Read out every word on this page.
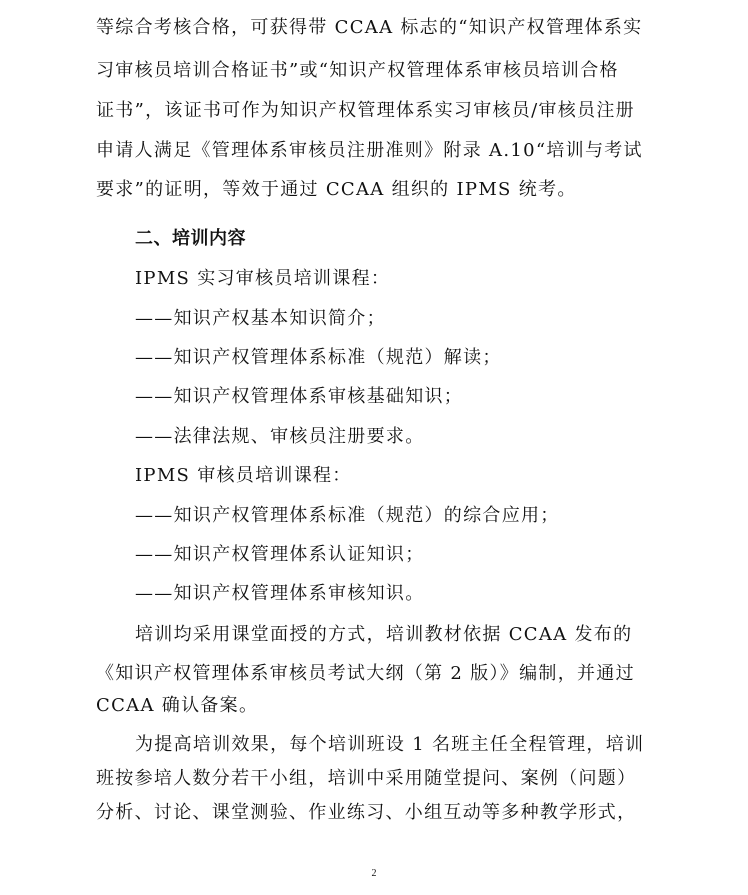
等综合考核合格，可获得带 CCAA 标志的“知识产权管理体系实
习审核员培训合格证书”或“知识产权管理体系审核员培训合格
证书”，该证书可作为知识产权管理体系实习审核员/审核员注册
申请人满足《管理体系审核员注册准则》附录 A.10“培训与考试
要求”的证明，等效于通过 CCAA 组织的 IPMS 统考。
二、培训内容
IPMS 实习审核员培训课程：
——知识产权基本知识简介；
——知识产权管理体系标准（规范）解读；
——知识产权管理体系审核基础知识；
——法律法规、审核员注册要求。
IPMS 审核员培训课程：
——知识产权管理体系标准（规范）的综合应用；
——知识产权管理体系认证知识；
——知识产权管理体系审核知识。
培训均采用课堂面授的方式，培训教材依据 CCAA 发布的
《知识产权管理体系审核员考试大纲（第 2 版）》编制，并通过
CCAA 确认备案。
为提高培训效果，每个培训班设 1 名班主任全程管理，培训
班按参培人数分若干小组，培训中采用随堂提问、案例（问题）
分析、讨论、课堂测验、作业练习、小组互动等多种教学形式，
2
